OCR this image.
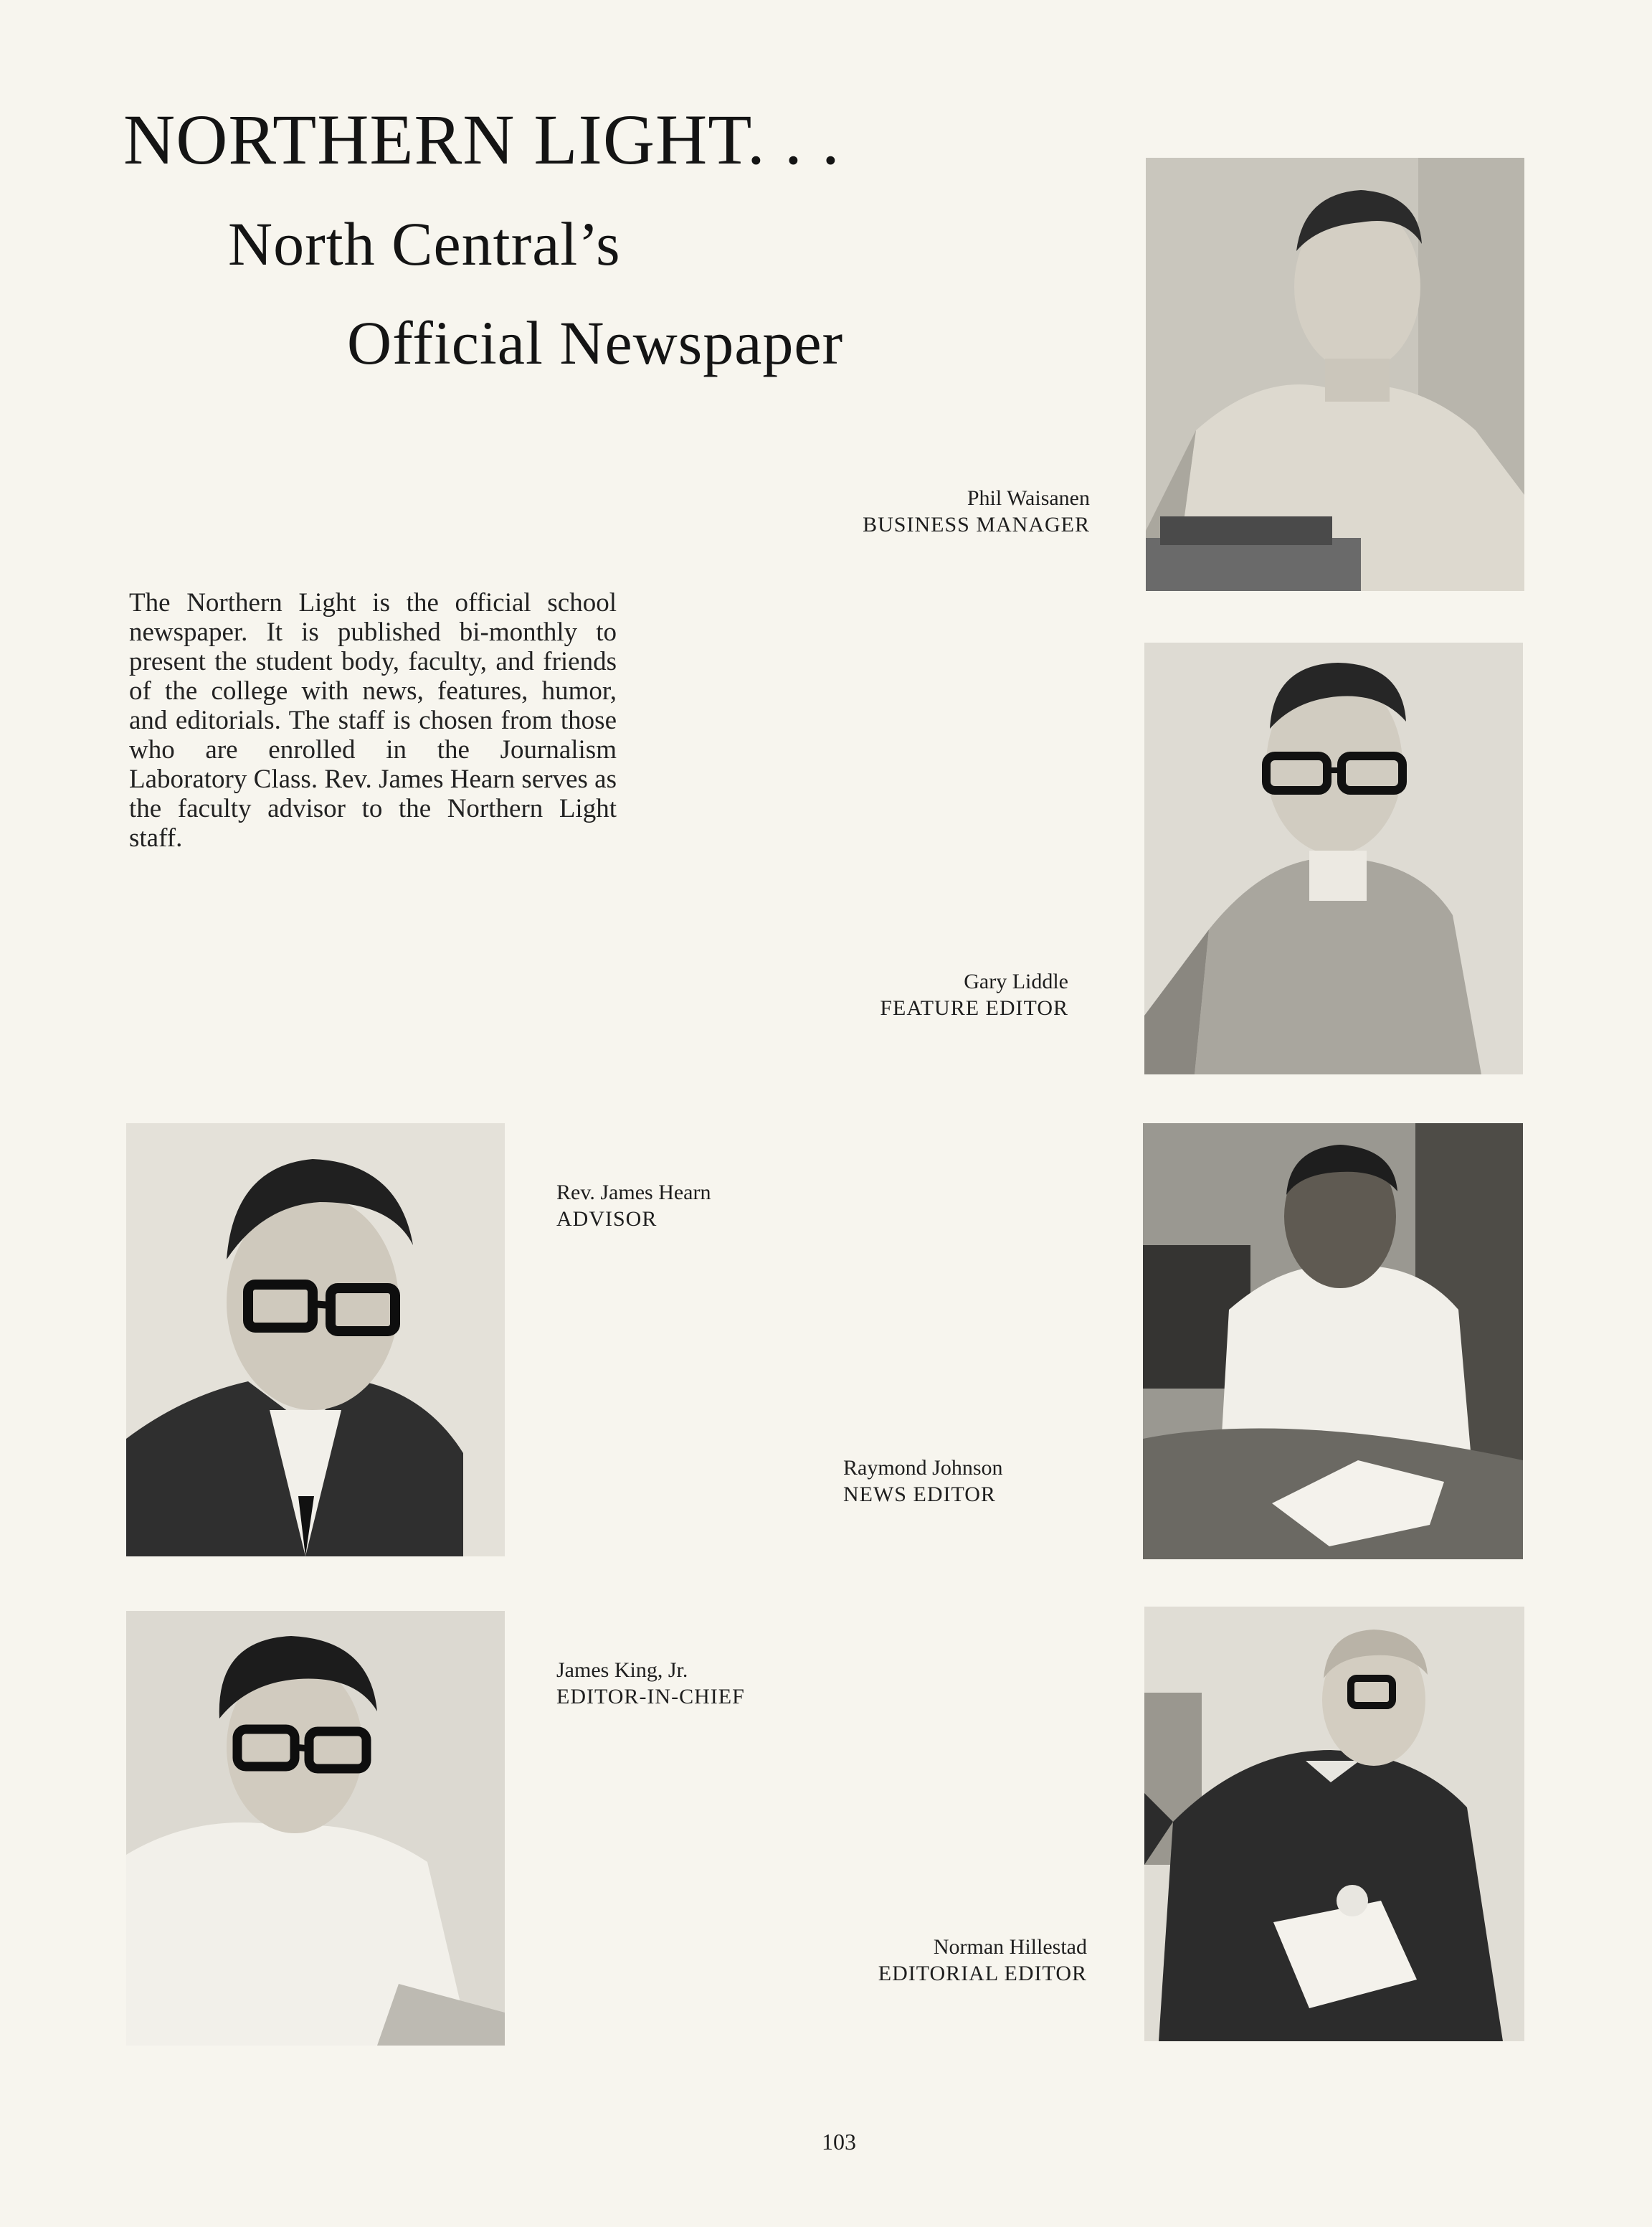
NORTHERN LIGHT. . .
North Central’s
Official Newspaper

The Northern Light is the official school newspaper. It is published bi-monthly to present the student body, faculty, and friends of the college with news, features, humor, and editorials. The staff is chosen from those who are enrolled in the Journalism Laboratory Class. Rev. James Hearn serves as the faculty advisor to the Northern Light staff.

Phil Waisanen
BUSINESS MANAGER
Gary Liddle
FEATURE EDITOR
Rev. James Hearn
ADVISOR
Raymond Johnson
NEWS EDITOR
James King, Jr.
EDITOR-IN-CHIEF
Norman Hillestad
EDITORIAL EDITOR
103
